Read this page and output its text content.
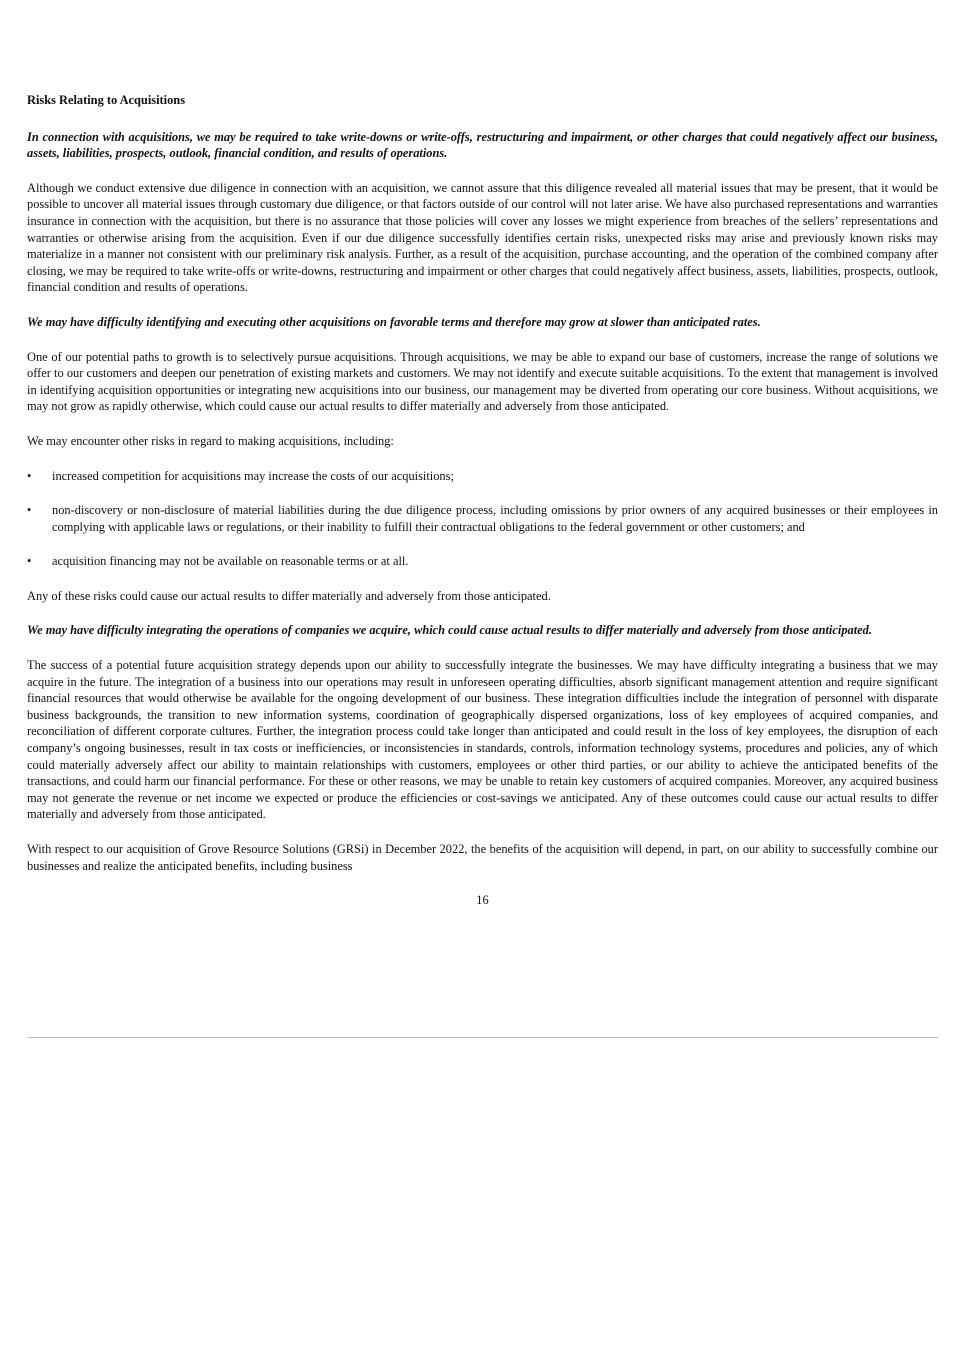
Risks Relating to Acquisitions
In connection with acquisitions, we may be required to take write-downs or write-offs, restructuring and impairment, or other charges that could negatively affect our business, assets, liabilities, prospects, outlook, financial condition, and results of operations.

Although we conduct extensive due diligence in connection with an acquisition, we cannot assure that this diligence revealed all material issues that may be present, that it would be possible to uncover all material issues through customary due diligence, or that factors outside of our control will not later arise. We have also purchased representations and warranties insurance in connection with the acquisition, but there is no assurance that those policies will cover any losses we might experience from breaches of the sellers’ representations and warranties or otherwise arising from the acquisition. Even if our due diligence successfully identifies certain risks, unexpected risks may arise and previously known risks may materialize in a manner not consistent with our preliminary risk analysis. Further, as a result of the acquisition, purchase accounting, and the operation of the combined company after closing, we may be required to take write-offs or write-downs, restructuring and impairment or other charges that could negatively affect business, assets, liabilities, prospects, outlook, financial condition and results of operations.

We may have difficulty identifying and executing other acquisitions on favorable terms and therefore may grow at slower than anticipated rates.

One of our potential paths to growth is to selectively pursue acquisitions. Through acquisitions, we may be able to expand our base of customers, increase the range of solutions we offer to our customers and deepen our penetration of existing markets and customers. We may not identify and execute suitable acquisitions. To the extent that management is involved in identifying acquisition opportunities or integrating new acquisitions into our business, our management may be diverted from operating our core business. Without acquisitions, we may not grow as rapidly otherwise, which could cause our actual results to differ materially and adversely from those anticipated.

We may encounter other risks in regard to making acquisitions, including:

• increased competition for acquisitions may increase the costs of our acquisitions;
• non-discovery or non-disclosure of material liabilities during the due diligence process, including omissions by prior owners of any acquired businesses or their employees in complying with applicable laws or regulations, or their inability to fulfill their contractual obligations to the federal government or other customers; and
• acquisition financing may not be available on reasonable terms or at all.

Any of these risks could cause our actual results to differ materially and adversely from those anticipated.

We may have difficulty integrating the operations of companies we acquire, which could cause actual results to differ materially and adversely from those anticipated.

The success of a potential future acquisition strategy depends upon our ability to successfully integrate the businesses. We may have difficulty integrating a business that we may acquire in the future. The integration of a business into our operations may result in unforeseen operating difficulties, absorb significant management attention and require significant financial resources that would otherwise be available for the ongoing development of our business. These integration difficulties include the integration of personnel with disparate business backgrounds, the transition to new information systems, coordination of geographically dispersed organizations, loss of key employees of acquired companies, and reconciliation of different corporate cultures. Further, the integration process could take longer than anticipated and could result in the loss of key employees, the disruption of each company’s ongoing businesses, result in tax costs or inefficiencies, or inconsistencies in standards, controls, information technology systems, procedures and policies, any of which could materially adversely affect our ability to maintain relationships with customers, employees or other third parties, or our ability to achieve the anticipated benefits of the transactions, and could harm our financial performance. For these or other reasons, we may be unable to retain key customers of acquired companies. Moreover, any acquired business may not generate the revenue or net income we expected or produce the efficiencies or cost-savings we anticipated. Any of these outcomes could cause our actual results to differ materially and adversely from those anticipated.

With respect to our acquisition of Grove Resource Solutions (GRSi) in December 2022, the benefits of the acquisition will depend, in part, on our ability to successfully combine our businesses and realize the anticipated benefits, including business

16
